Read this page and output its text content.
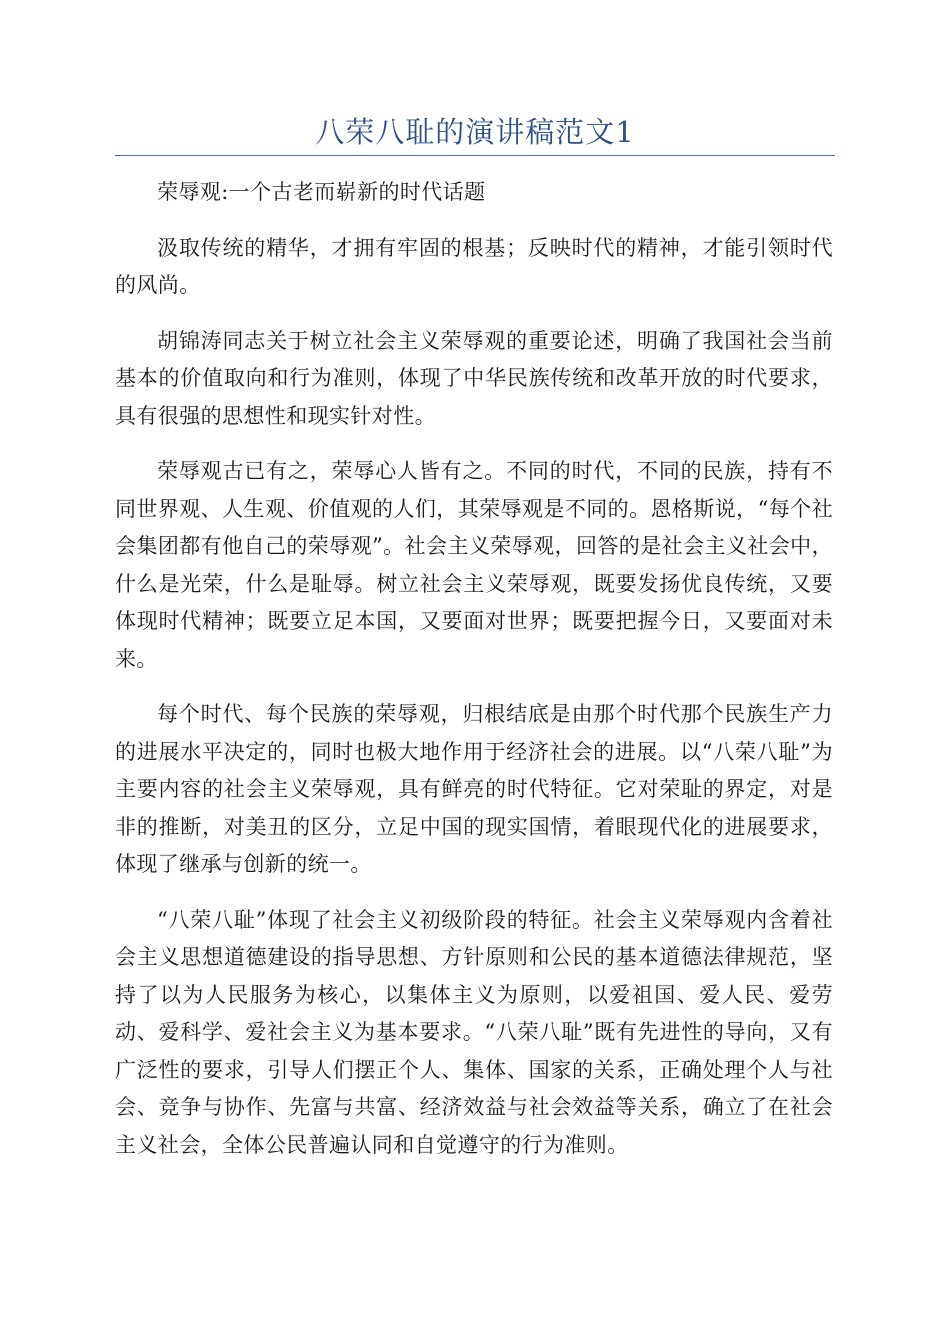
八荣八耻的演讲稿范文1

荣辱观:一个古老而崭新的时代话题

汲取传统的精华，才拥有牢固的根基；反映时代的精神，才能引领时代的风尚。

胡锦涛同志关于树立社会主义荣辱观的重要论述，明确了我国社会当前基本的价值取向和行为准则，体现了中华民族传统和改革开放的时代要求，具有很强的思想性和现实针对性。

荣辱观古已有之，荣辱心人皆有之。不同的时代，不同的民族，持有不同世界观、人生观、价值观的人们，其荣辱观是不同的。恩格斯说，“每个社会集团都有他自己的荣辱观”。社会主义荣辱观，回答的是社会主义社会中，什么是光荣，什么是耻辱。树立社会主义荣辱观，既要发扬优良传统，又要体现时代精神；既要立足本国，又要面对世界；既要把握今日，又要面对未来。

每个时代、每个民族的荣辱观，归根结底是由那个时代那个民族生产力的进展水平决定的，同时也极大地作用于经济社会的进展。以“八荣八耻”为主要内容的社会主义荣辱观，具有鲜亮的时代特征。它对荣耻的界定，对是非的推断，对美丑的区分，立足中国的现实国情，着眼现代化的进展要求，体现了继承与创新的统一。

“八荣八耻”体现了社会主义初级阶段的特征。社会主义荣辱观内含着社会主义思想道德建设的指导思想、方针原则和公民的基本道德法律规范，坚持了以为人民服务为核心，以集体主义为原则，以爱祖国、爱人民、爱劳动、爱科学、爱社会主义为基本要求。“八荣八耻”既有先进性的导向，又有广泛性的要求，引导人们摆正个人、集体、国家的关系，正确处理个人与社会、竞争与协作、先富与共富、经济效益与社会效益等关系，确立了在社会主义社会，全体公民普遍认同和自觉遵守的行为准则。
